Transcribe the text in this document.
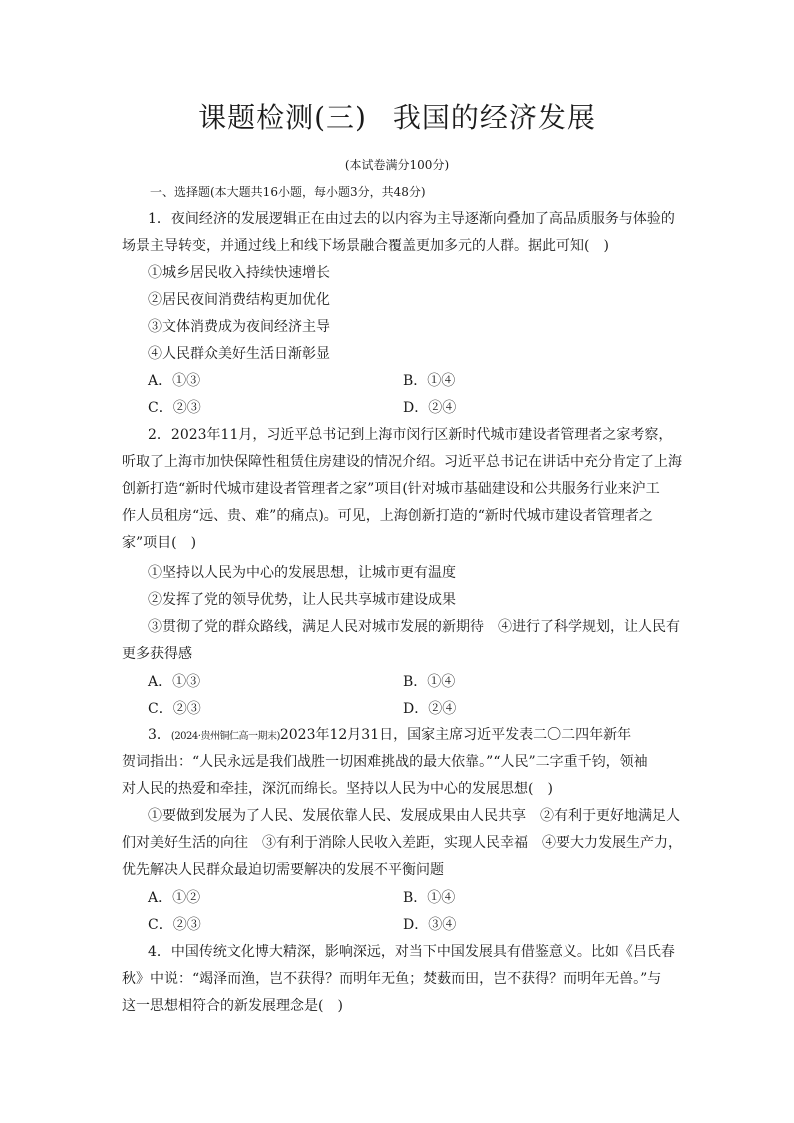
课题检测(三) 我国的经济发展
(本试卷满分100分)
一、选择题(本大题共16小题，每小题3分，共48分)
1．夜间经济的发展逻辑正在由过去的以内容为主导逐渐向叠加了高品质服务与体验的
场景主导转变，并通过线上和线下场景融合覆盖更加多元的人群。据此可知(　)
①城乡居民收入持续快速增长
②居民夜间消费结构更加优化
③文体消费成为夜间经济主导
④人民群众美好生活日渐彰显
A．①③	B．①④
C．②③	D．②④
2．2023年11月，习近平总书记到上海市闵行区新时代城市建设者管理者之家考察，
听取了上海市加快保障性租赁住房建设的情况介绍。习近平总书记在讲话中充分肯定了上海
创新打造“新时代城市建设者管理者之家”项目(针对城市基础建设和公共服务行业来沪工
作人员租房“远、贵、难”的痛点)。可见，上海创新打造的“新时代城市建设者管理者之
家”项目(　)
①坚持以人民为中心的发展思想，让城市更有温度
②发挥了党的领导优势，让人民共享城市建设成果
③贯彻了党的群众路线，满足人民对城市发展的新期待　④进行了科学规划，让人民有
更多获得感
A．①③	B．①④
C．②③	D．②④
3．(2024·贵州铜仁高一期末)2023年12月31日，国家主席习近平发表二〇二四年新年
贺词指出：“人民永远是我们战胜一切困难挑战的最大依靠。”“人民”二字重千钧，领袖
对人民的热爱和牵挂，深沉而绵长。坚持以人民为中心的发展思想(　)
①要做到发展为了人民、发展依靠人民、发展成果由人民共享　②有利于更好地满足人
们对美好生活的向往　③有利于消除人民收入差距，实现人民幸福　④要大力发展生产力，
优先解决人民群众最迫切需要解决的发展不平衡问题
A．①②	B．①④
C．②③	D．③④
4．中国传统文化博大精深，影响深远，对当下中国发展具有借鉴意义。比如《吕氏春
秋》中说：“竭泽而渔，岂不获得？而明年无鱼；焚薮而田，岂不获得？而明年无兽。”与
这一思想相符合的新发展理念是(　)
